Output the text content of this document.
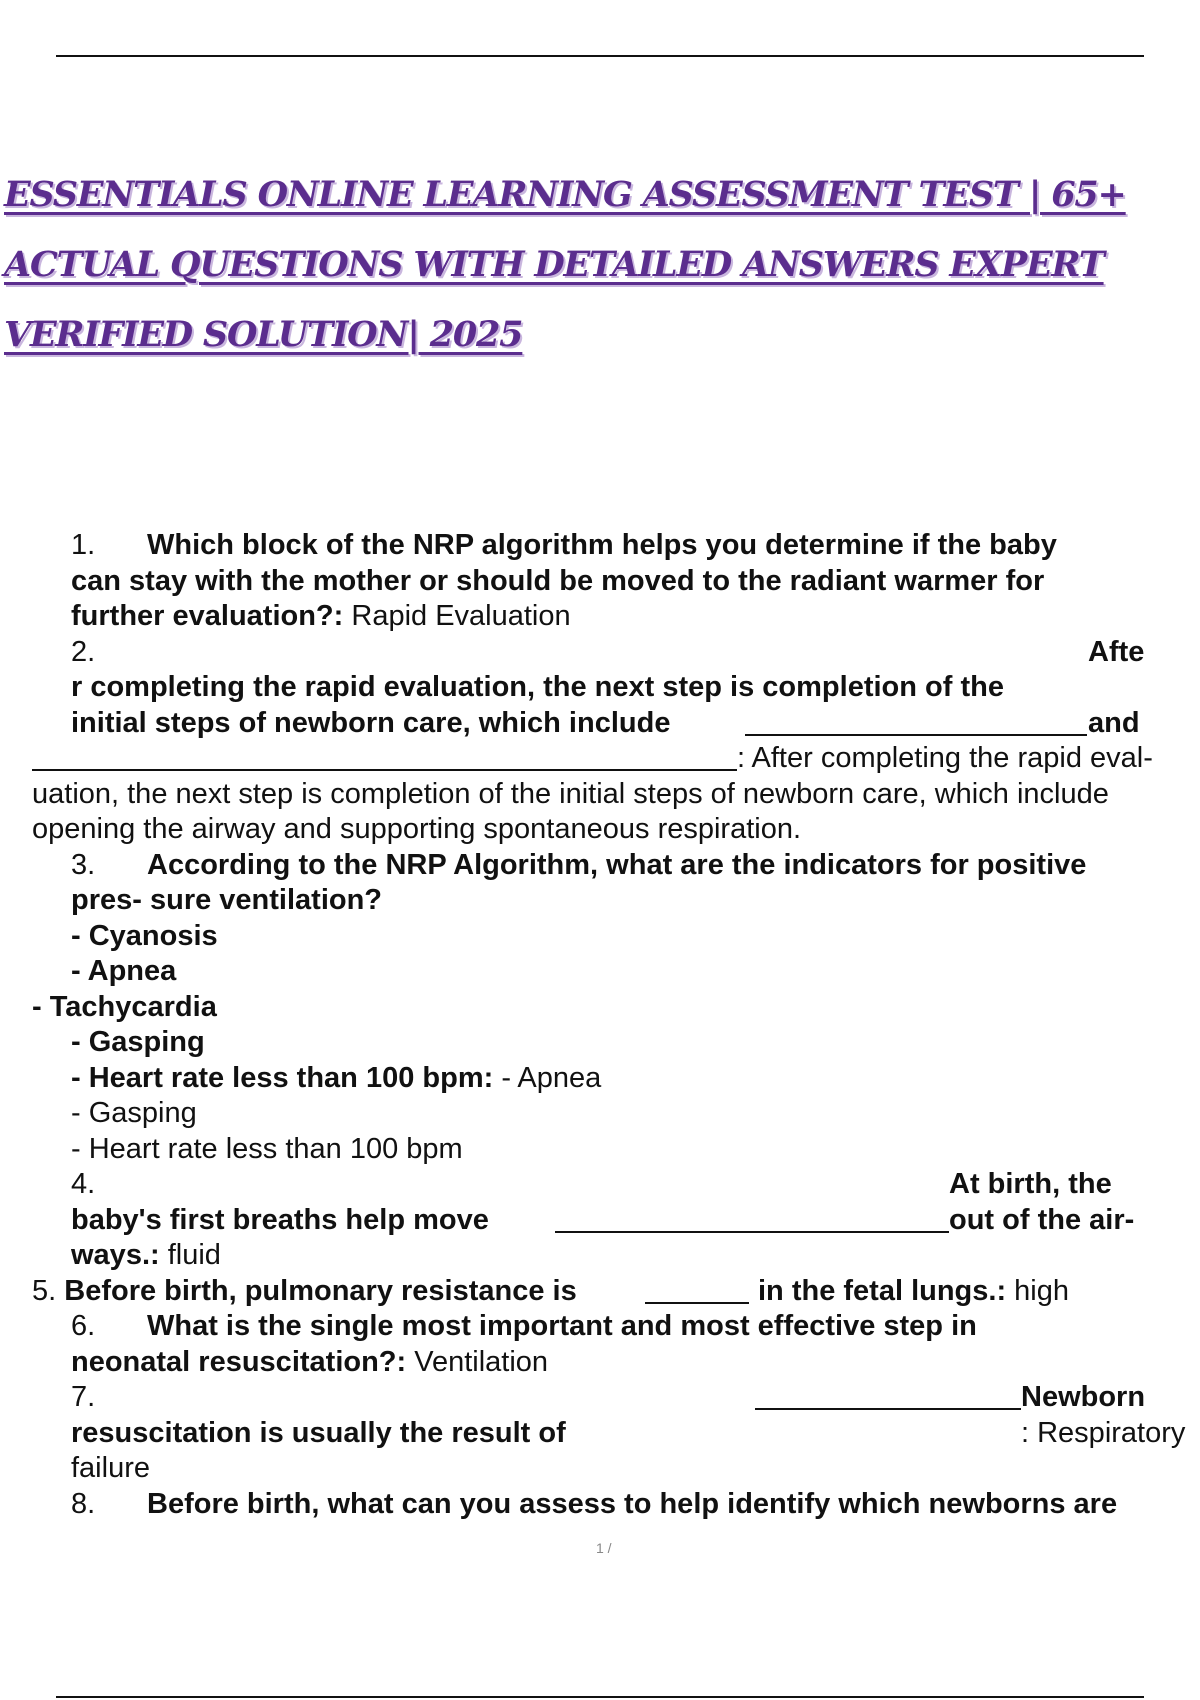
ESSENTIALS ONLINE LEARNING ASSESSMENT TEST | 65+
ACTUAL QUESTIONS WITH DETAILED ANSWERS EXPERT
VERIFIED SOLUTION| 2025
1. Which block of the NRP algorithm helps you determine if the baby
can stay with the mother or should be moved to the radiant warmer for
further evaluation?: Rapid Evaluation
2.	Afte
r completing the rapid evaluation, the next step is completion of the
initial steps of newborn care, which include	and
: After completing the rapid eval-
uation, the next step is completion of the initial steps of newborn care, which include
opening the airway and supporting spontaneous respiration.
3. According to the NRP Algorithm, what are the indicators for positive
pres- sure ventilation?
- Cyanosis
- Apnea
- Tachycardia
- Gasping
- Heart rate less than 100 bpm: - Apnea
- Gasping
- Heart rate less than 100 bpm
4.	At birth, the
baby's first breaths help move	out of the air-
ways.: fluid
5. Before birth, pulmonary resistance is	in the fetal lungs.: high
6. What is the single most important and most effective step in
neonatal resuscitation?: Ventilation
7.	Newborn
resuscitation is usually the result of	: Respiratory
failure
8. Before birth, what can you assess to help identify which newborns are
1 /
